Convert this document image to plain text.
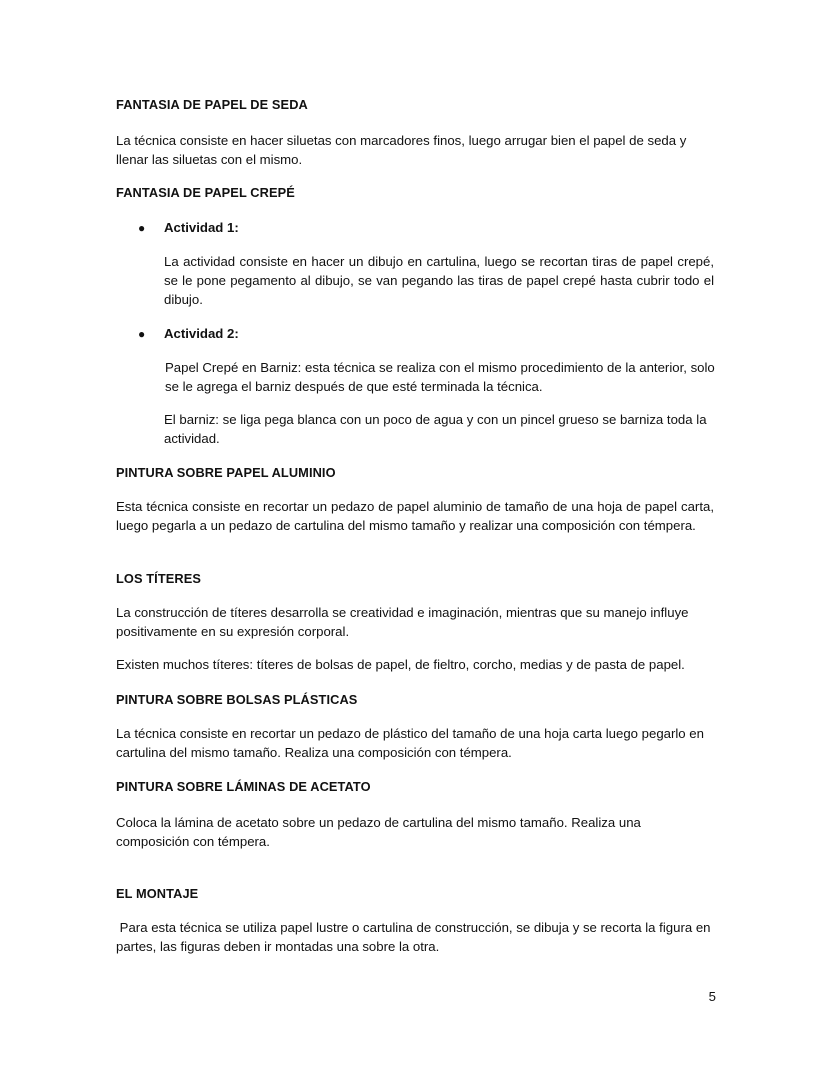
FANTASIA DE PAPEL DE SEDA

La técnica consiste en hacer siluetas con marcadores finos, luego arrugar bien el papel de seda y llenar las siluetas con el mismo.

FANTASIA DE PAPEL CREPÉ

● Actividad 1:

La actividad consiste en hacer un dibujo en cartulina, luego se recortan tiras de papel crepé, se le pone pegamento al dibujo, se van pegando las tiras de papel crepé hasta cubrir todo el dibujo.

● Actividad 2:

Papel Crepé en Barniz: esta técnica se realiza con el mismo procedimiento de la anterior, solo se le agrega el barniz después de que esté terminada la técnica.

El barniz: se liga pega blanca con un poco de agua y con un pincel grueso se barniza toda la actividad.

PINTURA SOBRE PAPEL ALUMINIO

Esta técnica consiste en recortar un pedazo de papel aluminio de tamaño de una hoja de papel carta, luego pegarla a un pedazo de cartulina del mismo tamaño y realizar una composición con témpera.

LOS TÍTERES

La construcción de títeres desarrolla se creatividad e imaginación, mientras que su manejo influye positivamente en su expresión corporal.

Existen muchos títeres: títeres de bolsas de papel, de fieltro, corcho, medias y de pasta de papel.

PINTURA SOBRE BOLSAS PLÁSTICAS

La técnica consiste en recortar un pedazo de plástico del tamaño de una hoja carta luego pegarlo en cartulina del mismo tamaño. Realiza una composición con témpera.

PINTURA SOBRE LÁMINAS DE ACETATO

Coloca la lámina de acetato sobre un pedazo de cartulina del mismo tamaño. Realiza una composición con témpera.

EL MONTAJE

Para esta técnica se utiliza papel lustre o cartulina de construcción, se dibuja y se recorta la figura en partes, las figuras deben ir montadas una sobre la otra.

5
